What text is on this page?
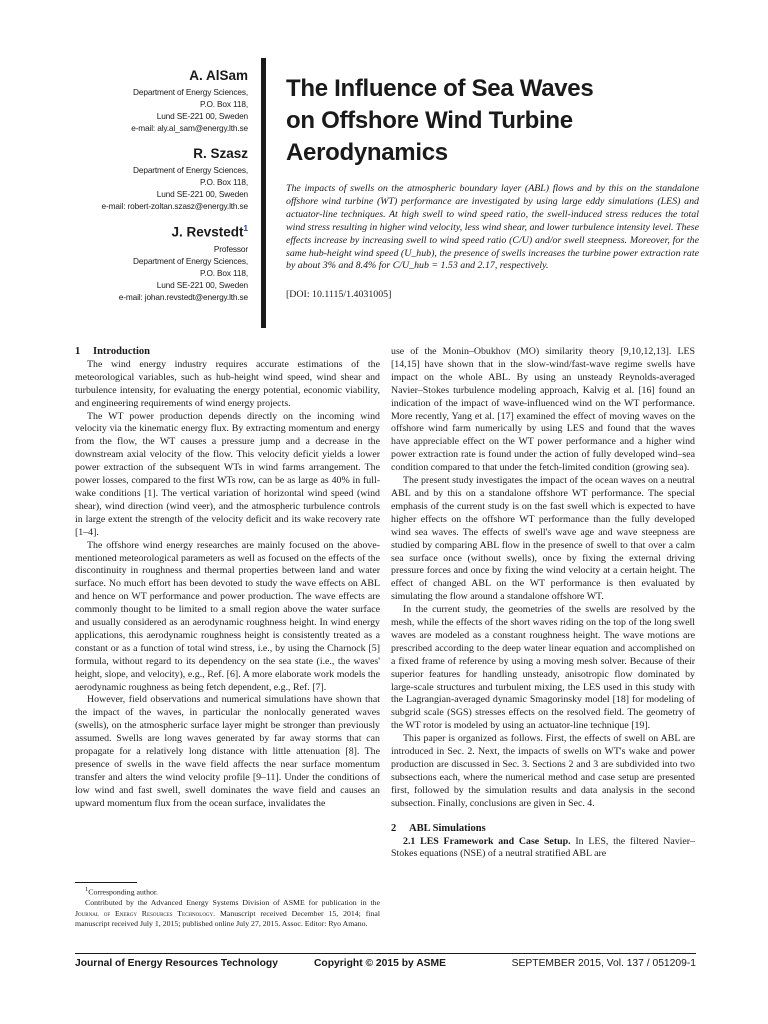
A. AlSam
Department of Energy Sciences,
P.O. Box 118,
Lund SE-221 00, Sweden
e-mail: aly.al_sam@energy.lth.se
R. Szasz
Department of Energy Sciences,
P.O. Box 118,
Lund SE-221 00, Sweden
e-mail: robert-zoltan.szasz@energy.lth.se
J. Revstedt$^1$
Professor
Department of Energy Sciences,
P.O. Box 118,
Lund SE-221 00, Sweden
e-mail: johan.revstedt@energy.lth.se
The Influence of Sea Waves
on Offshore Wind Turbine
Aerodynamics
The impacts of swells on the atmospheric boundary layer (ABL) flows and by this on the standalone offshore wind turbine (WT) performance are investigated by using large eddy simulations (LES) and actuator-line techniques. At high swell to wind speed ratio, the swell-induced stress reduces the total wind stress resulting in higher wind velocity, less wind shear, and lower turbulence intensity level. These effects increase by increasing swell to wind speed ratio (C/U) and/or swell steepness. Moreover, for the same hub-height wind speed (U_hub), the presence of swells increases the turbine power extraction rate by about 3% and 8.4% for C/U_hub = 1.53 and 2.17, respectively.
[DOI: 10.1115/1.4031005]

1 Introduction

The wind energy industry requires accurate estimations of the meteorological variables, such as hub-height wind speed, wind shear and turbulence intensity, for evaluating the energy potential, economic viability, and engineering requirements of wind energy projects.

The WT power production depends directly on the incoming wind velocity via the kinematic energy flux. By extracting momentum and energy from the flow, the WT causes a pressure jump and a decrease in the downstream axial velocity of the flow. This velocity deficit yields a lower power extraction of the subsequent WTs in wind farms arrangement. The power losses, compared to the first WTs row, can be as large as 40% in full-wake conditions [1]. The vertical variation of horizontal wind speed (wind shear), wind direction (wind veer), and the atmospheric turbulence controls in large extent the strength of the velocity deficit and its wake recovery rate [1–4].

The offshore wind energy researches are mainly focused on the above-mentioned meteorological parameters as well as focused on the effects of the discontinuity in roughness and thermal properties between land and water surface. No much effort has been devoted to study the wave effects on ABL and hence on WT performance and power production. The wave effects are commonly thought to be limited to a small region above the water surface and usually considered as an aerodynamic roughness height. In wind energy applications, this aerodynamic roughness height is consistently treated as a constant or as a function of total wind stress, i.e., by using the Charnock [5] formula, without regard to its dependency on the sea state (i.e., the waves' height, slope, and velocity), e.g., Ref. [6]. A more elaborate work models the aerodynamic roughness as being fetch dependent, e.g., Ref. [7].

However, field observations and numerical simulations have shown that the impact of the waves, in particular the nonlocally generated waves (swells), on the atmospheric surface layer might be stronger than previously assumed. Swells are long waves generated by far away storms that can propagate for a relatively long distance with little attenuation [8]. The presence of swells in the wave field affects the near surface momentum transfer and alters the wind velocity profile [9–11]. Under the conditions of low wind and fast swell, swell dominates the wave field and causes an upward momentum flux from the ocean surface, invalidates the

use of the Monin–Obukhov (MO) similarity theory [9,10,12,13]. LES [14,15] have shown that in the slow-wind/fast-wave regime swells have impact on the whole ABL. By using an unsteady Reynolds-averaged Navier–Stokes turbulence modeling approach, Kalvig et al. [16] found an indication of the impact of wave-influenced wind on the WT performance. More recently, Yang et al. [17] examined the effect of moving waves on the offshore wind farm numerically by using LES and found that the waves have appreciable effect on the WT power performance and a higher wind power extraction rate is found under the action of fully developed wind–sea condition compared to that under the fetch-limited condition (growing sea).

The present study investigates the impact of the ocean waves on a neutral ABL and by this on a standalone offshore WT performance. The special emphasis of the current study is on the fast swell which is expected to have higher effects on the offshore WT performance than the fully developed wind sea waves. The effects of swell's wave age and wave steepness are studied by comparing ABL flow in the presence of swell to that over a calm sea surface once (without swells), once by fixing the external driving pressure forces and once by fixing the wind velocity at a certain height. The effect of changed ABL on the WT performance is then evaluated by simulating the flow around a standalone offshore WT.

In the current study, the geometries of the swells are resolved by the mesh, while the effects of the short waves riding on the top of the long swell waves are modeled as a constant roughness height. The wave motions are prescribed according to the deep water linear equation and accomplished on a fixed frame of reference by using a moving mesh solver. Because of their superior features for handling unsteady, anisotropic flow dominated by large-scale structures and turbulent mixing, the LES used in this study with the Lagrangian-averaged dynamic Smagorinsky model [18] for modeling of subgrid scale (SGS) stresses effects on the resolved field. The geometry of the WT rotor is modeled by using an actuator-line technique [19].

This paper is organized as follows. First, the effects of swell on ABL are introduced in Sec. 2. Next, the impacts of swells on WT's wake and power production are discussed in Sec. 3. Sections 2 and 3 are subdivided into two subsections each, where the numerical method and case setup are presented first, followed by the simulation results and data analysis in the second subsection. Finally, conclusions are given in Sec. 4.

2 ABL Simulations

2.1 LES Framework and Case Setup. In LES, the filtered Navier–Stokes equations (NSE) of a neutral stratified ABL are

$^1$Corresponding author.

Contributed by the Advanced Energy Systems Division of ASME for publication in the Journal of Energy Resources Technology. Manuscript received December 15, 2014; final manuscript received July 1, 2015; published online July 27, 2015. Assoc. Editor: Ryo Amano.

Journal of Energy Resources Technology	Copyright © 2015 by ASME	SEPTEMBER 2015, Vol. 137 / 051209-1
